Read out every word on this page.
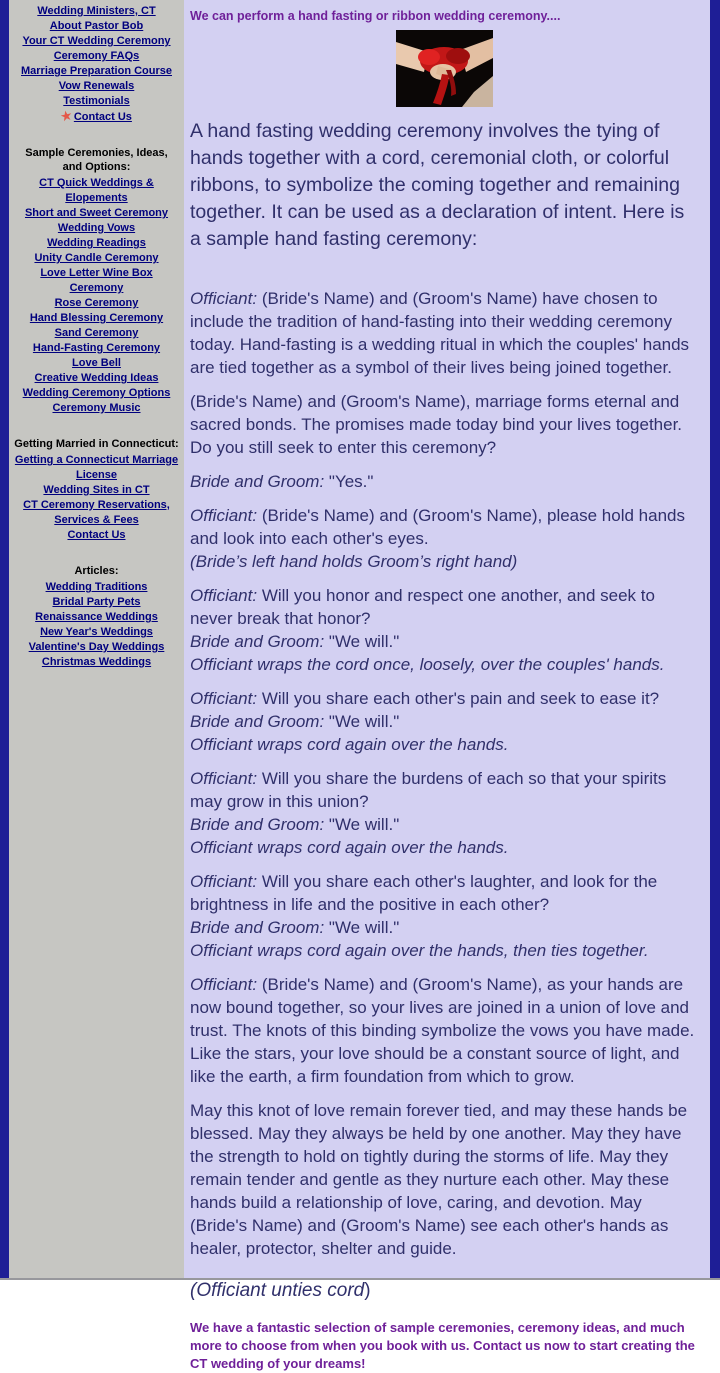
Wedding Ministers, CT
About Pastor Bob
Your CT Wedding Ceremony
Ceremony FAQs
Marriage Preparation Course
Vow Renewals
Testimonials
★Contact Us
Sample Ceremonies, Ideas, and Options:
CT Quick Weddings & Elopements
Short and Sweet Ceremony
Wedding Vows
Wedding Readings
Unity Candle Ceremony
Love Letter Wine Box Ceremony
Rose Ceremony
Hand Blessing Ceremony
Sand Ceremony
Hand-Fasting Ceremony
Love Bell
Creative Wedding Ideas
Wedding Ceremony Options
Ceremony Music
Getting Married in Connecticut:
Getting a Connecticut Marriage License
Wedding Sites in CT
CT Ceremony Reservations, Services & Fees
Contact Us
Articles:
Wedding Traditions
Bridal Party Pets
Renaissance Weddings
New Year's Weddings
Valentine's Day Weddings
Christmas Weddings

We can perform a hand fasting or ribbon wedding ceremony....

A hand fasting wedding ceremony involves the tying of hands together with a cord, ceremonial cloth, or colorful ribbons, to symbolize the coming together and remaining together. It can be used as a declaration of intent. Here is a sample hand fasting ceremony:

Officiant: (Bride's Name) and (Groom's Name) have chosen to include the tradition of hand-fasting into their wedding ceremony today. Hand-fasting is a wedding ritual in which the couples' hands are tied together as a symbol of their lives being joined together.

(Bride's Name) and (Groom's Name), marriage forms eternal and sacred bonds. The promises made today bind your lives together. Do you still seek to enter this ceremony?

Bride and Groom: "Yes."

Officiant: (Bride's Name) and (Groom's Name), please hold hands and look into each other's eyes.
(Bride’s left hand holds Groom’s right hand)

Officiant: Will you honor and respect one another, and seek to never break that honor?
Bride and Groom: "We will."
Officiant wraps the cord once, loosely, over the couples' hands.

Officiant: Will you share each other's pain and seek to ease it?
Bride and Groom: "We will."
Officiant wraps cord again over the hands.

Officiant: Will you share the burdens of each so that your spirits may grow in this union?
Bride and Groom: "We will."
Officiant wraps cord again over the hands.

Officiant: Will you share each other's laughter, and look for the brightness in life and the positive in each other?
Bride and Groom: "We will."
Officiant wraps cord again over the hands, then ties together.

Officiant: (Bride's Name) and (Groom's Name), as your hands are now bound together, so your lives are joined in a union of love and trust. The knots of this binding symbolize the vows you have made. Like the stars, your love should be a constant source of light, and like the earth, a firm foundation from which to grow.

May this knot of love remain forever tied, and may these hands be blessed. May they always be held by one another. May they have the strength to hold on tightly during the storms of life. May they remain tender and gentle as they nurture each other. May these hands build a relationship of love, caring, and devotion. May (Bride's Name) and (Groom's Name) see each other's hands as healer, protector, shelter and guide.

(Officiant unties cord)

We have a fantastic selection of sample ceremonies, ceremony ideas, and much more to choose from when you book with us. Contact us now to start creating the CT wedding of your dreams!
